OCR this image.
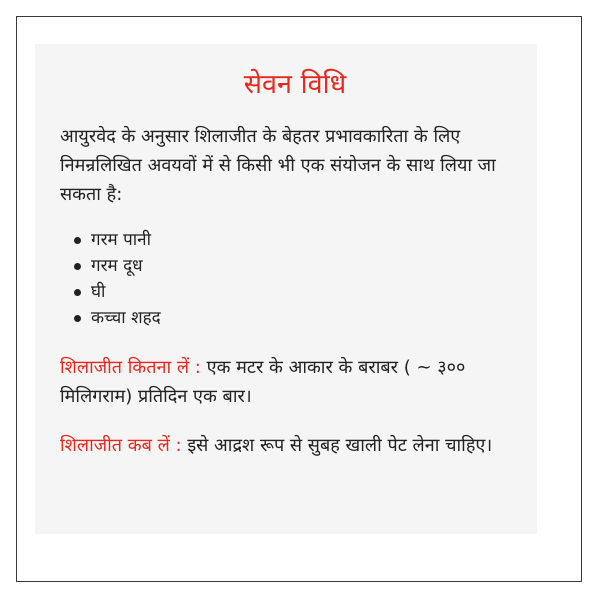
सेवन विधि

आयुरवेद के अनुसार शिलाजीत के बेहतर प्रभावकारिता के लिए निमन्रलिखित अवयवों में से किसी भी एक संयोजन के साथ लिया जा सकता है:

गरम पानी
गरम दूध
घी
कच्चा शहद

शिलाजीत कितना लें : एक मटर के आकार के बराबर ( ~ ३०० मिलिगराम) प्रतिदिन एक बार।

शिलाजीत कब लें : इसे आद्रश रूप से सुबह खाली पेट लेना चाहिए।
